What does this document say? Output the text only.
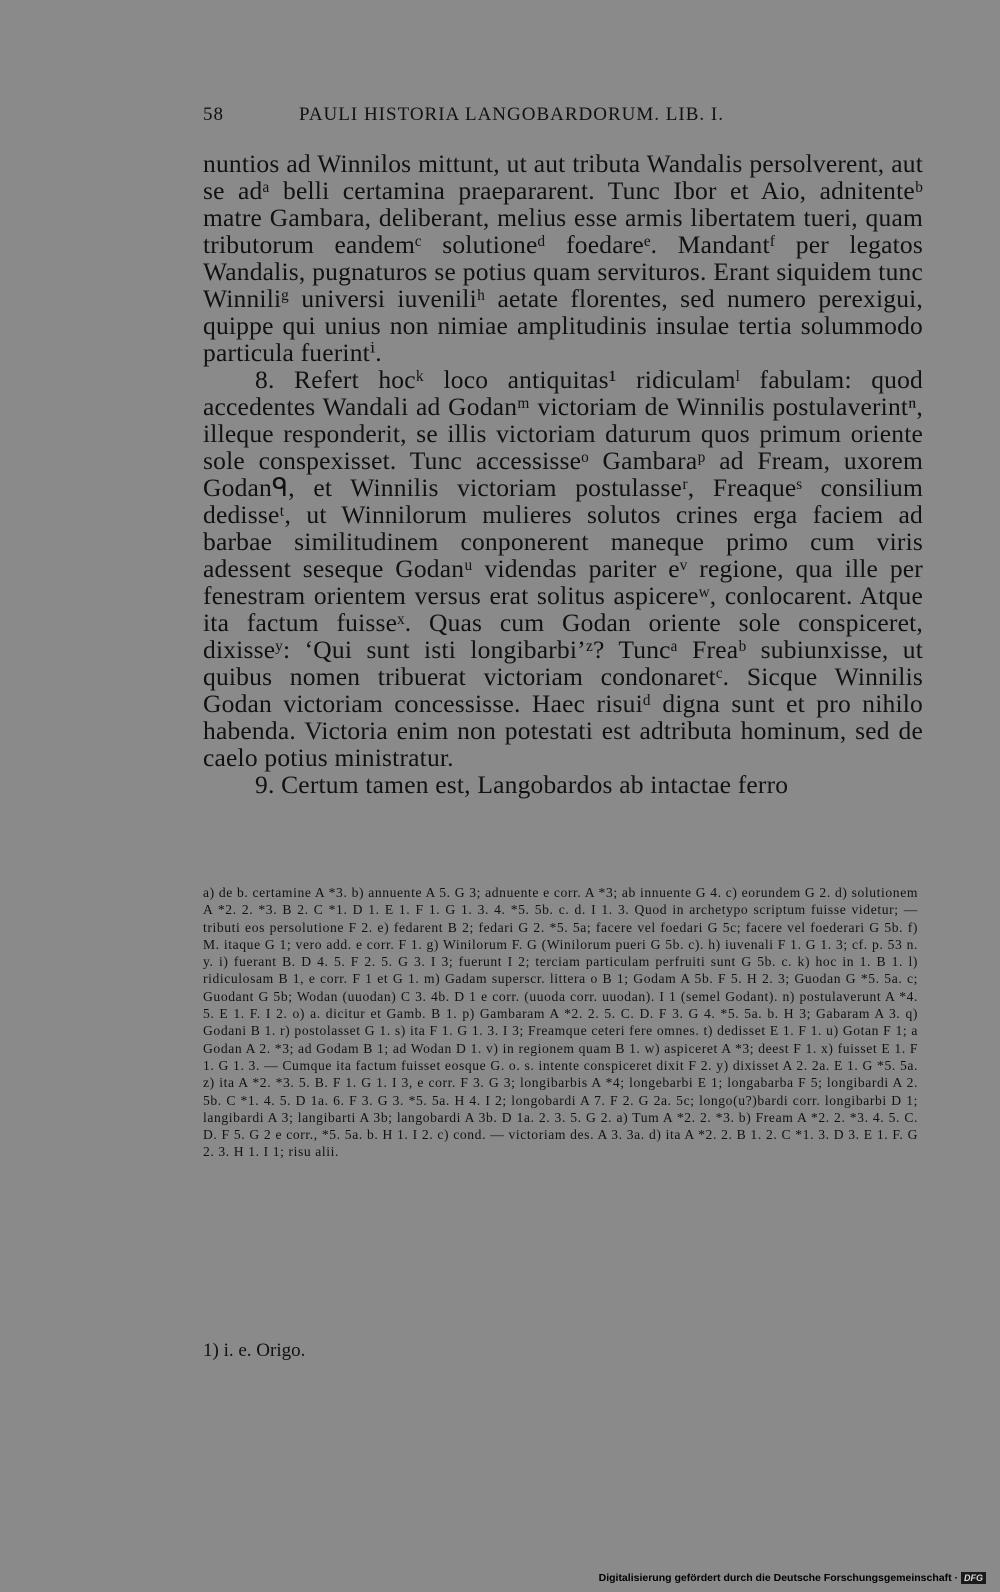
58	PAULI HISTORIA LANGOBARDORUM. LIB. I.

nuntios ad Winnilos mittunt, ut aut tributa Wandalis persolverent, aut se adᵃ belli certamina praepararent. Tunc Ibor et Aio, adnitenteᵇ matre Gambara, deliberant, melius esse armis libertatem tueri, quam tributorum eandemᶜ solutioneᵈ foedareᵉ. Mandantᶠ per legatos Wandalis, pugnaturos se potius quam servituros. Erant siquidem tunc Winniliᵍ universi iuveniliʰ aetate florentes, sed numero perexigui, quippe qui unius non nimiae amplitudinis insulae tertia solummodo particula fuerintⁱ.

8. Refert hocᵏ loco antiquitas¹ ridiculamˡ fabulam: quod accedentes Wandali ad Godanᵐ victoriam de Winnilis postulaverintⁿ, illeque responderit, se illis victoriam daturum quos primum oriente sole conspexisset. Tunc accessisseᵒ Gambaraᵖ ad Fream, uxorem Godanᑫ, et Winnilis victoriam postulasseʳ, Freaqueˢ consilium dedisseᵗ, ut Winnilorum mulieres solutos crines erga faciem ad barbae similitudinem conponerent maneque primo cum viris adessent seseque Godanᵘ videndas pariter eᵛ regione, qua ille per fenestram orientem versus erat solitus aspicereʷ, conlocarent. Atque ita factum fuisseˣ. Quas cum Godan oriente sole conspiceret, dixisseʸ: ‘Qui sunt isti longibarbi’ᶻ? Tuncᵃ Freaᵇ subiunxisse, ut quibus nomen tribuerat victoriam condonaretᶜ. Sicque Winnilis Godan victoriam concessisse. Haec risuiᵈ digna sunt et pro nihilo habenda. Victoria enim non potestati est adtributa hominum, sed de caelo potius ministratur.

9. Certum tamen est, Langobardos ab intactae ferro

a) de b. certamine A *3. b) annuente A 5. G 3; adnuente e corr. A *3; ab innuente G 4. c) eorundem G 2. d) solutionem A *2. 2. *3. B 2. C *1. D 1. E 1. F 1. G 1. 3. 4. *5. 5b. c. d. I 1. 3. Quod in archetypo scriptum fuisse videtur; — tributi eos persolutione F 2. e) fedarent B 2; fedari G 2. *5. 5a; facere vel foedari G 5c; facere vel foederari G 5b. f) M. itaque G 1; vero add. e corr. F 1. g) Winilorum F. G (Winilorum pueri G 5b. c). h) iuvenali F 1. G 1. 3; cf. p. 53 n. y. i) fuerant B. D 4. 5. F 2. 5. G 3. I 3; fuerunt I 2; terciam particulam perfruiti sunt G 5b. c. k) hoc in 1. B 1. l) ridiculosam B 1, e corr. F 1 et G 1. m) Gadam superscr. littera o B 1; Godam A 5b. F 5. H 2. 3; Guodan G *5. 5a. c; Guodant G 5b; Wodan (uuodan) C 3. 4b. D 1 e corr. (uuoda corr. uuodan). I 1 (semel Godant). n) postulaverunt A *4. 5. E 1. F. I 2. o) a. dicitur et Gamb. B 1. p) Gambaram A *2. 2. 5. C. D. F 3. G 4. *5. 5a. b. H 3; Gabaram A 3. q) Godani B 1. r) postolasset G 1. s) ita F 1. G 1. 3. I 3; Freamque ceteri fere omnes. t) dedisset E 1. F 1. u) Gotan F 1; a Godan A 2. *3; ad Godam B 1; ad Wodan D 1. v) in regionem quam B 1. w) aspiceret A *3; deest F 1. x) fuisset E 1. F 1. G 1. 3. — Cumque ita factum fuisset eosque G. o. s. intente conspiceret dixit F 2. y) dixisset A 2. 2a. E 1. G *5. 5a. z) ita A *2. *3. 5. B. F 1. G 1. I 3, e corr. F 3. G 3; longibarbis A *4; longebarbi E 1; longabarba F 5; longibardi A 2. 5b. C *1. 4. 5. D 1a. 6. F 3. G 3. *5. 5a. H 4. I 2; longobardi A 7. F 2. G 2a. 5c; longo(u?)bardi corr. longibarbi D 1; langibardi A 3; langibarti A 3b; langobardi A 3b. D 1a. 2. 3. 5. G 2. a) Tum A *2. 2. *3. b) Fream A *2. 2. *3. 4. 5. C. D. F 5. G 2 e corr., *5. 5a. b. H 1. I 2. c) cond. — victoriam des. A 3. 3a. d) ita A *2. 2. B 1. 2. C *1. 3. D 3. E 1. F. G 2. 3. H 1. I 1; risu alii.

1) i. e. Origo.
Digitalisierung gefördert durch die Deutsche Forschungsgemeinschaft · DFG
